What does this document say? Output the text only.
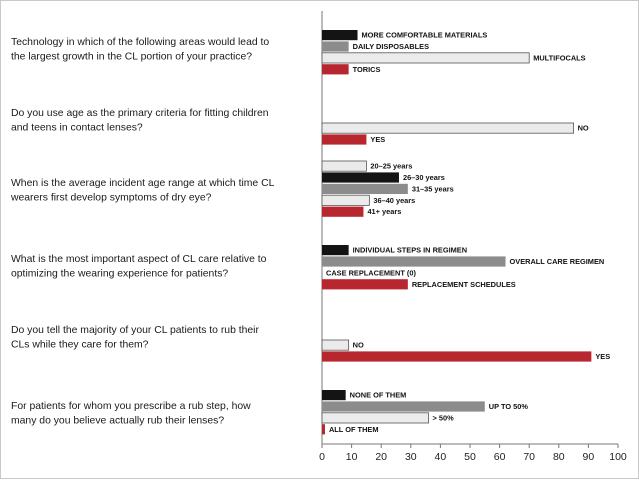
0 10 20 30 40 50 60 70 80 90 100
Technology in which of the following areas would lead to
the largest growth in the CL portion of your practice?
MORE COMFORTABLE MATERIALS
DAILY DISPOSABLES
MULTIFOCALS
TORICS
Do you use age as the primary criteria for fitting children
and teens in contact lenses?	NO
YES
When is the average incident age range at which time CL
wearers first develop symptoms of dry eye?
20–25 years
26–30 years
31–35 years
36–40 years
41+ years
What is the most important aspect of CL care relative to
optimizing the wearing experience for patients?
INDIVIDUAL STEPS IN REGIMEN
OVERALL CARE REGIMEN
CASE REPLACEMENT (0)
REPLACEMENT SCHEDULES
Do you tell the majority of your CL patients to rub their
CLs while they care for them?	NO
YES
For patients for whom you prescribe a rub step, how
many do you believe actually rub their lenses?
NONE OF THEM
UP TO 50%
> 50%
ALL OF THEM
